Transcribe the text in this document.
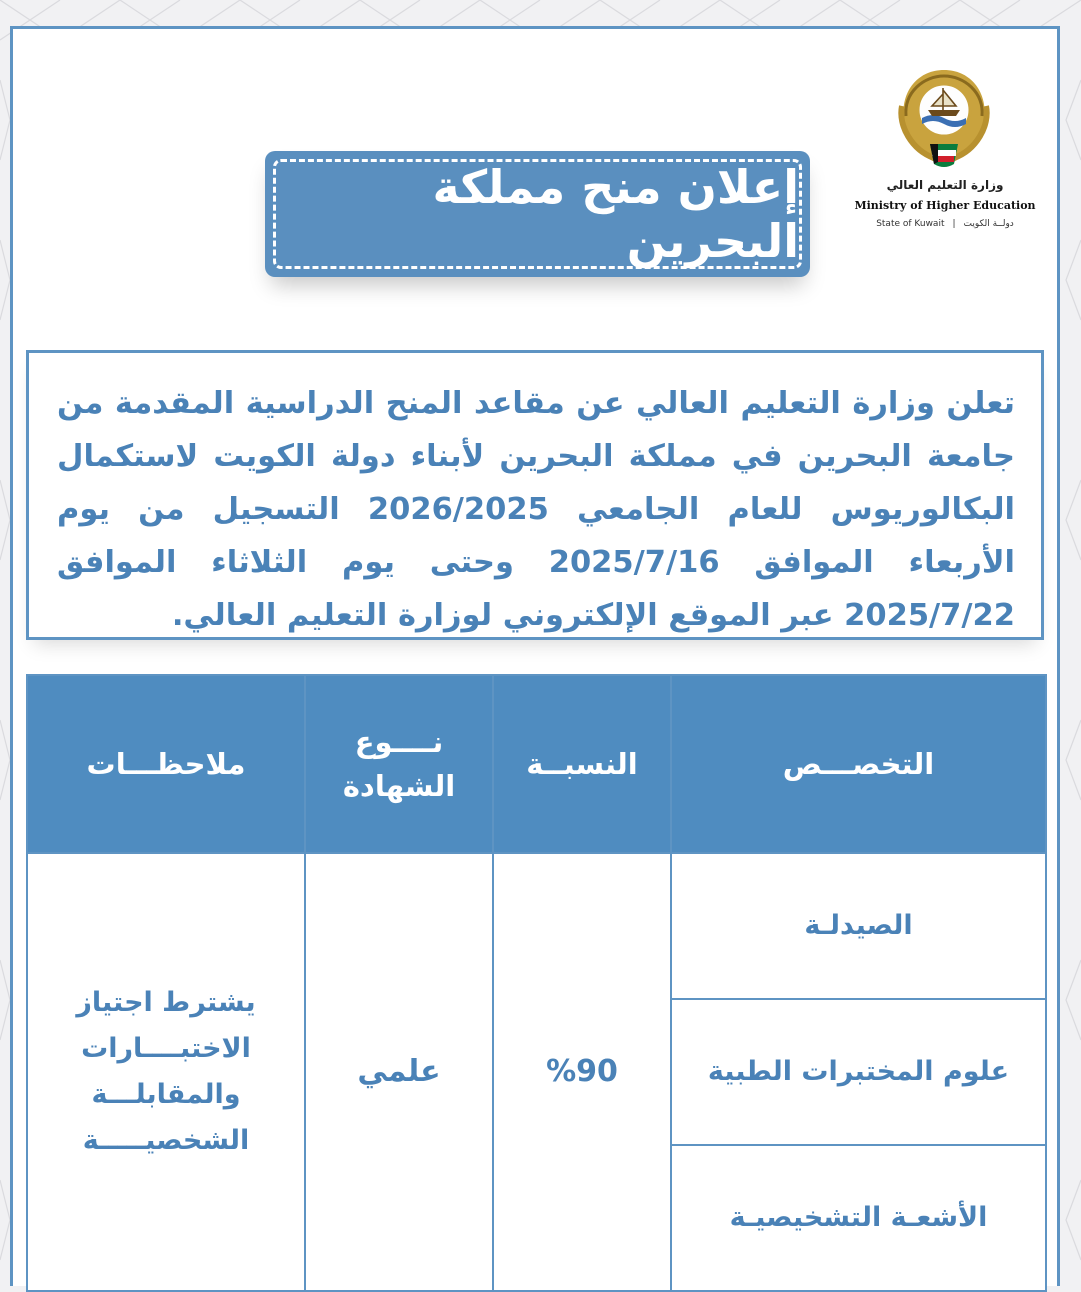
وزارة التعليم العالي
Ministry of Higher Education
State of Kuwait | دولــة الكويت
إعلان منح مملكة البحرين

تعلن وزارة التعليم العالي عن مقاعد المنح الدراسية المقدمة من جامعة البحرين في مملكة البحرين لأبناء دولة الكويت لاستكمال البكالوريوس للعام الجامعي 2026/2025 التسجيل من يوم الأربعاء الموافق 2025/7/16 وحتى يوم الثلاثاء الموافق 2025/7/22 عبر الموقع الإلكتروني لوزارة التعليم العالي.

التخصـــص	النسبــة	نــــوع الشهادة	ملاحظـــات
الصيدلـة	%90	علمي	يشترط اجتياز الاختبــــارات والمقابلـــة الشخصيـــــة
علوم المختبرات الطبية			
الأشعـة التشخيصيـة			
